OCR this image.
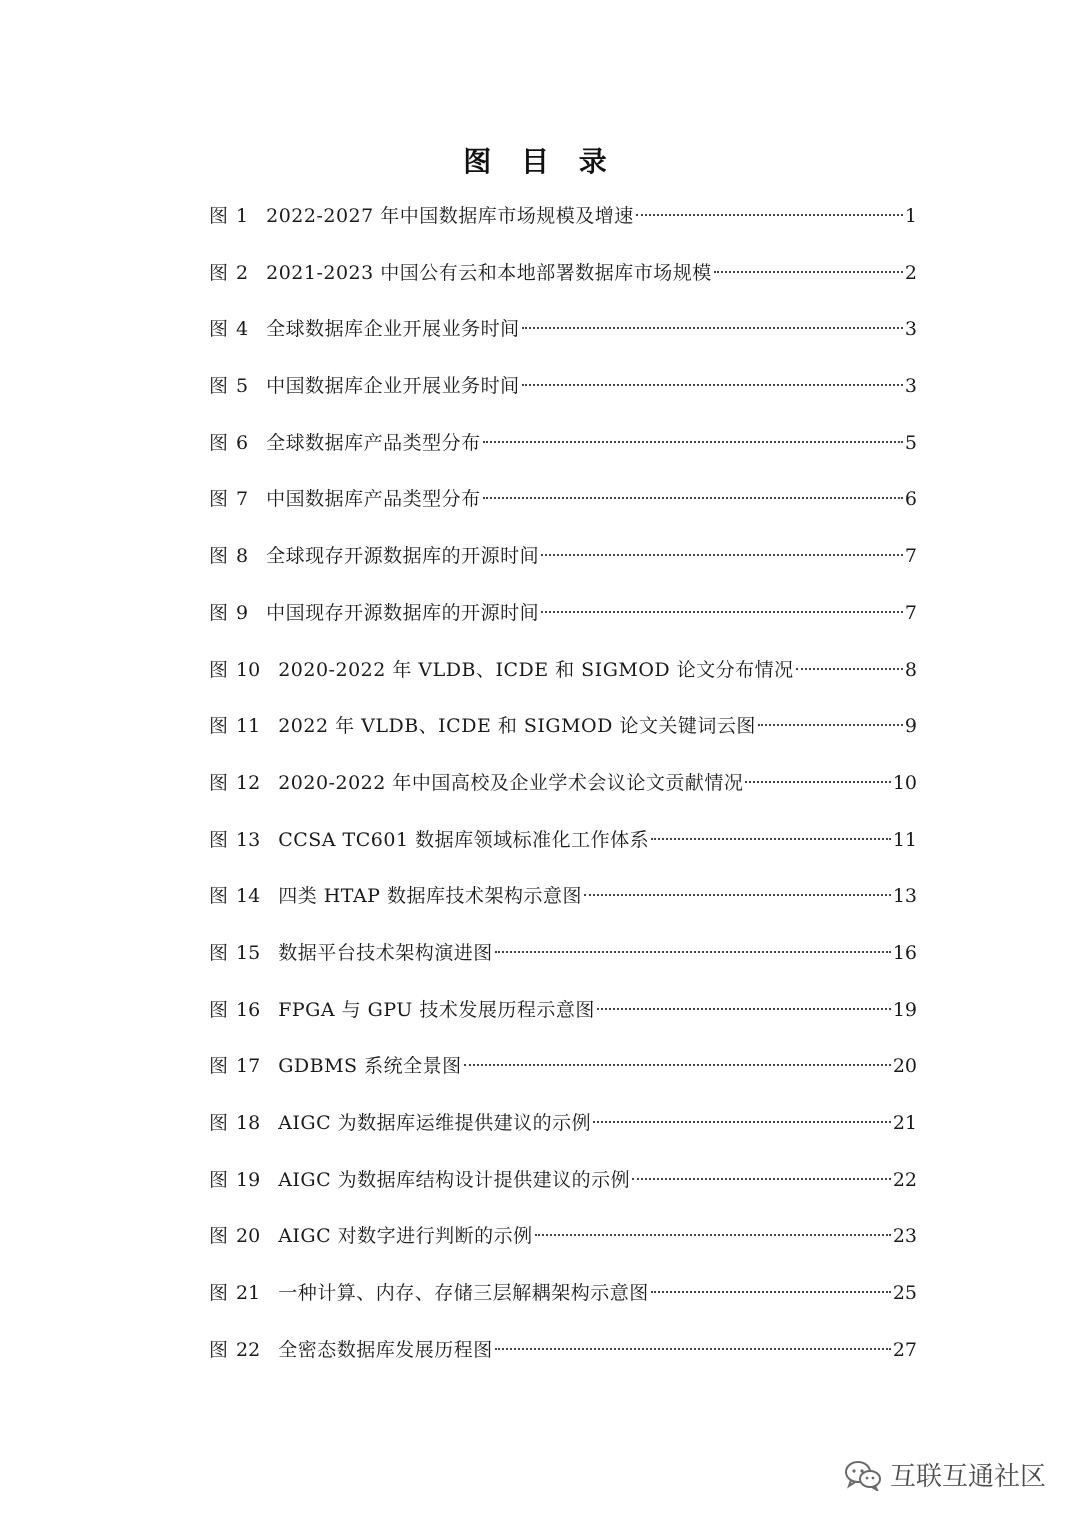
图 目 录
图 1 2022-2027 年中国数据库市场规模及增速	1
图 2 2021-2023 中国公有云和本地部署数据库市场规模	2
图 4 全球数据库企业开展业务时间	3
图 5 中国数据库企业开展业务时间	3
图 6 全球数据库产品类型分布	5
图 7 中国数据库产品类型分布	6
图 8 全球现存开源数据库的开源时间	7
图 9 中国现存开源数据库的开源时间	7
图 10 2020-2022 年 VLDB、ICDE 和 SIGMOD 论文分布情况	8
图 11 2022 年 VLDB、ICDE 和 SIGMOD 论文关键词云图	9
图 12 2020-2022 年中国高校及企业学术会议论文贡献情况	10
图 13 CCSA TC601 数据库领域标准化工作体系	11
图 14 四类 HTAP 数据库技术架构示意图	13
图 15 数据平台技术架构演进图	16
图 16 FPGA 与 GPU 技术发展历程示意图	19
图 17 GDBMS 系统全景图	20
图 18 AIGC 为数据库运维提供建议的示例	21
图 19 AIGC 为数据库结构设计提供建议的示例	22
图 20 AIGC 对数字进行判断的示例	23
图 21 一种计算、内存、存储三层解耦架构示意图	25
图 22 全密态数据库发展历程图	27
互联互通社区
